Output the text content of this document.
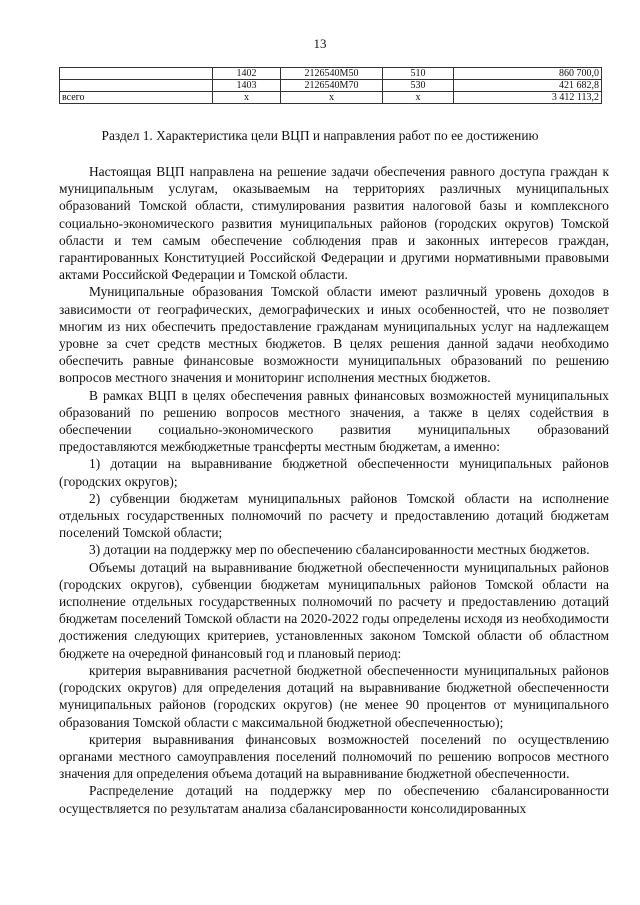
13
	1402	2126540М50	510	860 700,0
	1403	2126540М70	530	421 682,8
всего	х	х	х	3 412 113,2
Раздел 1. Характеристика цели ВЦП и направления работ по ее достижению

Настоящая ВЦП направлена на решение задачи обеспечения равного доступа граждан к муниципальным услугам, оказываемым на территориях различных муниципальных образований Томской области, стимулирования развития налоговой базы и комплексного социально-экономического развития муниципальных районов (городских округов) Томской области и тем самым обеспечение соблюдения прав и законных интересов граждан, гарантированных Конституцией Российской Федерации и другими нормативными правовыми актами Российской Федерации и Томской области.

Муниципальные образования Томской области имеют различный уровень доходов в зависимости от географических, демографических и иных особенностей, что не позволяет многим из них обеспечить предоставление гражданам муниципальных услуг на надлежащем уровне за счет средств местных бюджетов. В целях решения данной задачи необходимо обеспечить равные финансовые возможности муниципальных образований по решению вопросов местного значения и мониторинг исполнения местных бюджетов.

В рамках ВЦП в целях обеспечения равных финансовых возможностей муниципальных образований по решению вопросов местного значения, а также в целях содействия в обеспечении социально-экономического развития муниципальных образований предоставляются межбюджетные трансферты местным бюджетам, а именно:

1) дотации на выравнивание бюджетной обеспеченности муниципальных районов (городских округов);

2) субвенции бюджетам муниципальных районов Томской области на исполнение отдельных государственных полномочий по расчету и предоставлению дотаций бюджетам поселений Томской области;

3) дотации на поддержку мер по обеспечению сбалансированности местных бюджетов.

Объемы дотаций на выравнивание бюджетной обеспеченности муниципальных районов (городских округов), субвенции бюджетам муниципальных районов Томской области на исполнение отдельных государственных полномочий по расчету и предоставлению дотаций бюджетам поселений Томской области на 2020-2022 годы определены исходя из необходимости достижения следующих критериев, установленных законом Томской области об областном бюджете на очередной финансовый год и плановый период:

критерия выравнивания расчетной бюджетной обеспеченности муниципальных районов (городских округов) для определения дотаций на выравнивание бюджетной обеспеченности муниципальных районов (городских округов) (не менее 90 процентов от муниципального образования Томской области с максимальной бюджетной обеспеченностью);

критерия выравнивания финансовых возможностей поселений по осуществлению органами местного самоуправления поселений полномочий по решению вопросов местного значения для определения объема дотаций на выравнивание бюджетной обеспеченности.

Распределение дотаций на поддержку мер по обеспечению сбалансированности осуществляется по результатам анализа сбалансированности консолидированных
